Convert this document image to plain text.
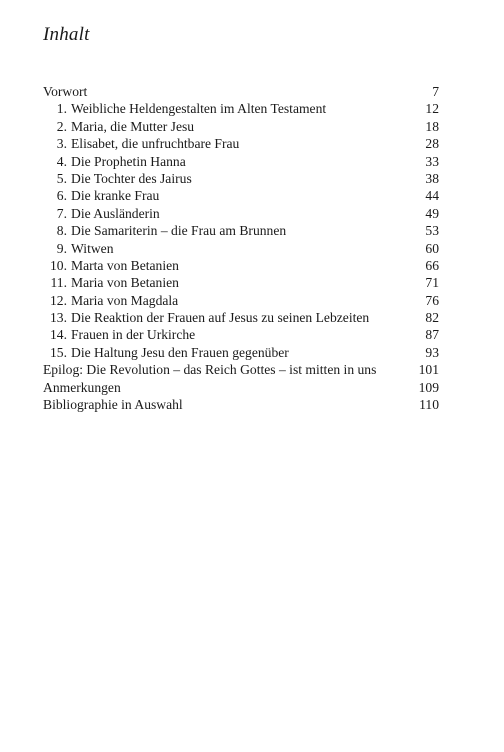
Inhalt
Vorwort	7
1. Weibliche Heldengestalten im Alten Testament	12
2. Maria, die Mutter Jesu	18
3. Elisabet, die unfruchtbare Frau	28
4. Die Prophetin Hanna	33
5. Die Tochter des Jairus	38
6. Die kranke Frau	44
7. Die Ausländerin	49
8. Die Samariterin – die Frau am Brunnen	53
9. Witwen	60
10. Marta von Betanien	66
11. Maria von Betanien	71
12. Maria von Magdala	76
13. Die Reaktion der Frauen auf Jesus zu seinen Lebzeiten	82
14. Frauen in der Urkirche	87
15. Die Haltung Jesu den Frauen gegenüber	93
Epilog: Die Revolution – das Reich Gottes – ist mitten in uns	101
Anmerkungen	109
Bibliographie in Auswahl	110
